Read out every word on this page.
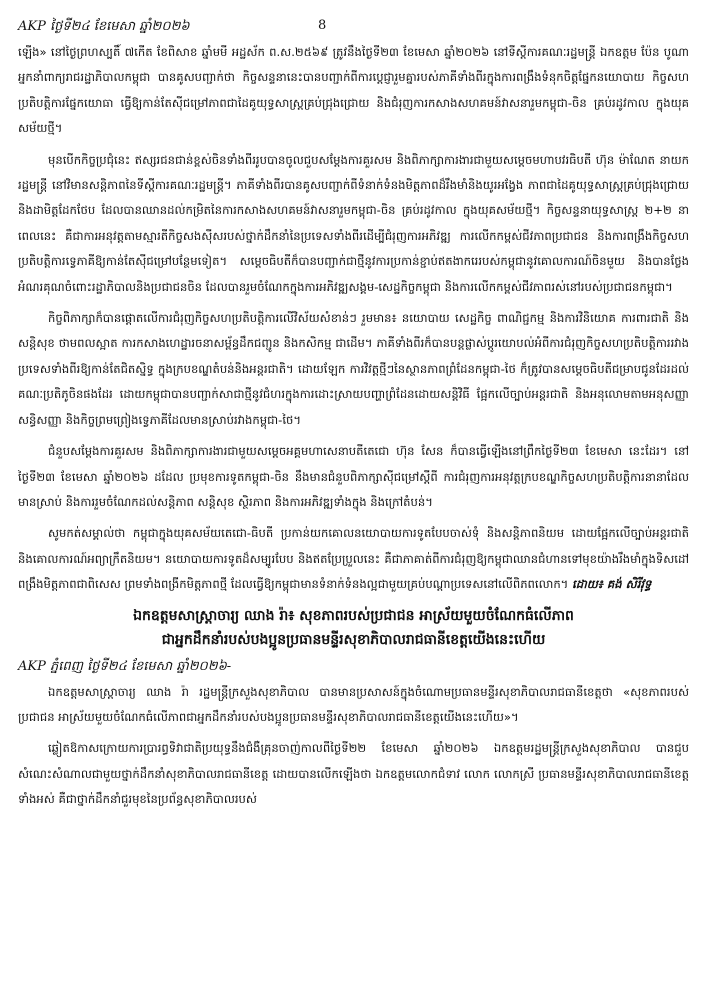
AKP ថ្ងៃទី២៤ ខែមេសា ឆ្នាំ២០២៦	8

ឡើង» នៅថ្ងៃព្រហស្បតិ៍ ៧កើត ខែពិសាខ ឆ្នាំមមី អដ្ឋស័ក ព.ស.២៥៦៩ ត្រូវនឹងថ្ងៃទី២៣ ខែមេសា ឆ្នាំ២០២៦ នៅទីស្តីការគណៈរដ្ឋមន្ត្រី ឯកឧត្តម ប៉ែន បូណា អ្នកនាំពាក្យរាជរដ្ឋាភិបាលកម្ពុជា បានគូសបញ្ជាក់ថា កិច្ចសន្ទនានេះបានបញ្ជាក់ពីការប្តេជ្ញារួមគ្នារបស់ភាគីទាំងពីរក្នុងការពង្រឹងទំនុកចិត្តផ្នែកនយោបាយ កិច្ចសហប្រតិបត្តិការផ្នែកយោធា ធ្វើឱ្យកាន់តែស៊ីជម្រៅភាពជាដៃគូយុទ្ធសាស្ត្រគ្រប់ជ្រុងជ្រោយ និងជំរុញការកសាងសហគមន៍វាសនារួមកម្ពុជា-ចិន គ្រប់រដូវកាល ក្នុងយុគសម័យថ្មី។

មុនបើកកិច្ចប្រជុំនេះ ឥស្សរជនជាន់ខ្ពស់ចិនទាំងពីររូបបានចូលជួបសម្តែងការគួរសម និងពិភាក្សាការងារជាមួយសម្តេចមហាបវរធិបតី ហ៊ុន ម៉ាណែត នាយករដ្ឋមន្ត្រី នៅវិមានសន្តិភាពនៃទីស្តីការគណៈរដ្ឋមន្ត្រី។ ភាគីទាំងពីរបានគូសបញ្ជាក់ពីទំនាក់ទំនងមិត្តភាពដ៏រឹងមាំនិងយូរអង្វែង ភាពជាដៃគូយុទ្ធសាស្ត្រគ្រប់ជ្រុងជ្រោយ និងដាមិត្តដែកថែប ដែលបានឈានដល់កម្រិតនៃការកសាងសហគមន៍វាសនារួមកម្ពុជា-ចិន គ្រប់រដូវកាល ក្នុងយុគសម័យថ្មី។ កិច្ចសន្ទនាយុទ្ធសាស្ត្រ ២+២ នាពេលនេះ គឺជាការអនុវត្តតាមស្មារតីកិច្ចសងស៊ីសរបស់ថ្នាក់ដឹកនាំនៃប្រទេសទាំងពីរដើម្បីជំរុញការអភិវឌ្ឍ ការលើកកម្ពស់ជីវភាពប្រជាជន និងការពង្រឹងកិច្ចសហប្រតិបត្តិការទ្វេភាគីឱ្យកាន់តែស៊ីជម្រៅបន្ថែមទៀត។ សម្តេចធិបតីក៏បានបញ្ជាក់ជាថ្មីនូវការប្រកាន់ខ្ជាប់ឥតងាករេរបស់កម្ពុជានូវគោលការណ៍ចិនមួយ និងបានថ្លែងអំណរគុណចំពោះរដ្ឋាភិបាលនិងប្រជាជនចិន ដែលបានរួមចំណែកក្នុងការអភិវឌ្ឍសង្គម-សេដ្ឋកិច្ចកម្ពុជា និងការលើកកម្ពស់ជីវភាពរស់នៅរបស់ប្រជាជនកម្ពុជា។

កិច្ចពិភាក្សាក៏បានផ្តោតលើការជំរុញកិច្ចសហប្រតិបត្តិការលើវិស័យសំខាន់ៗ រួមមាន៖ នយោបាយ សេដ្ឋកិច្ច ពាណិជ្ជកម្ម និងការវិនិយោគ ការពារជាតិ និងសន្តិសុខ ថាមពលស្អាត ការកសាងហេដ្ឋារចនាសម្ព័ន្ធដឹកជញ្ជូន និងកសិកម្ម ជាដើម។ ភាគីទាំងពីរក៏បានបន្តផ្លាស់ប្តូរយោបល់អំពីការជំរុញកិច្ចសហប្រតិបត្តិការរវាងប្រទេសទាំងពីរឱ្យកាន់តែជិតស្និទ្ធ ក្នុងក្របខណ្ឌតំបន់និងអន្តរជាតិ។ ដោយឡែក ការវិវត្តថ្មីៗនៃស្ថានភាពព្រំដែនកម្ពុជា-ថៃ ក៏ត្រូវបានសម្តេចធិបតីជម្រាបជូនដែរដល់គណៈប្រតិភូចិនផងដែរ ដោយកម្ពុជាបានបញ្ជាក់សាជាថ្មីនូវជំហរក្នុងការដោះស្រាយបញ្ហាព្រំដែនដោយសន្តិវិធី ផ្អែកលើច្បាប់អន្តរជាតិ និងអនុលោមតាមអនុសញ្ញា សន្ធិសញ្ញា និងកិច្ចព្រមព្រៀងទ្វេភាគីដែលមានស្រាប់រវាងកម្ពុជា-ថៃ។

ជំនួបសម្តែងការគួរសម និងពិភាក្សាការងារជាមួយសម្តេចអគ្គមហាសេនាបតីតេជោ ហ៊ុន សែន ក៏បានធ្វើឡើងនៅព្រឹកថ្ងៃទី២៣ ខែមេសា នេះដែរ។ នៅថ្ងៃទី២៣ ខែមេសា ឆ្នាំ២០២៦ ដដែល ប្រមុខការទូតកម្ពុជា-ចិន នឹងមានជំនួបពិភាក្សាស៊ីជម្រៅស្តីពី ការជំរុញការអនុវត្តក្របខណ្ឌកិច្ចសហប្រតិបត្តិការនានាដែលមានស្រាប់ និងការរួមចំណែកដល់សន្តិភាព សន្តិសុខ ស្ថិរភាព និងការអភិវឌ្ឍទាំងក្នុង និងក្រៅតំបន់។

សូមកត់សម្គាល់ថា កម្ពុជាក្នុងយុគសម័យតេជោ-ធិបតី ប្រកាន់យកគោលនយោបាយការទូតបែបចាស់ទុំ និងសន្តិភាពនិយម ដោយផ្អែកលើច្បាប់អន្តរជាតិ និងគោលការណ៍អព្យាក្រឹតនិយម។ នយោបាយការទូតដ៏សម្បូរបែប និងឥតប្រែប្រួលនេះ គឺជាភាគាត់ពីការជំរុញឱ្យកម្ពុជាឈានជំហានទៅមុខយ៉ាងរឹងមាំក្នុងទិសដៅពង្រឹងមិត្តភាពជាពិសេស ព្រមទាំងពង្រីកមិត្តភាពថ្មី ដែលធ្វើឱ្យកម្ពុជាមានទំនាក់ទំនងល្អជាមួយគ្រប់បណ្តាប្រទេសនៅលើពិភពលោក។ ដោយ៖ គង់ សិរីវុទ្ធ

ឯកឧត្តមសាស្ត្រាចារ្យ ឈាង រ៉ា៖ សុខភាពរបស់ប្រជាជន អាស្រ័យមួយចំណែកធំលើភាព
ជាអ្នកដឹកនាំរបស់បងប្អូនប្រធានមន្ទីរសុខាភិបាលរាជធានីខេត្តយើងនេះហើយ
AKP ភ្នំពេញ ថ្ងៃទី២៤ ខែមេសា ឆ្នាំ២០២៦-

ឯកឧត្តមសាស្ត្រាចារ្យ ឈាង រ៉ា រដ្ឋមន្ត្រីក្រសួងសុខាភិបាល បានមានប្រសាសន៍ក្នុងចំណោមប្រធានមន្ទីរសុខាភិបាលរាជធានីខេត្តថា «សុខភាពរបស់ប្រជាជន អាស្រ័យមួយចំណែកធំលើភាពជាអ្នកដឹកនាំរបស់បងប្អូនប្រធានមន្ទីរសុខាភិបាលរាជធានីខេត្តយើងនេះហើយ»។

ឆ្លៀតឱកាសក្រោយការប្រារព្ធទិវាជាតិប្រយុទ្ធនឹងជំងឺគ្រុនចាញ់កាលពីថ្ងៃទី២២ ខែមេសា ឆ្នាំ២០២៦ ឯកឧត្តមរដ្ឋមន្ត្រីក្រសួងសុខាភិបាល បានជួបសំណេះសំណាលជាមួយថ្នាក់ដឹកនាំសុខាភិបាលរាជធានីខេត្ត ដោយបានលើកឡើងថា ឯកឧត្តមលោកជំទាវ លោក លោកស្រី ប្រធានមន្ទីរសុខាភិបាលរាជធានីខេត្តទាំងអស់ គឺជាថ្នាក់ដឹកនាំជួរមុខនៃប្រព័ន្ធសុខាភិបាលរបស់
